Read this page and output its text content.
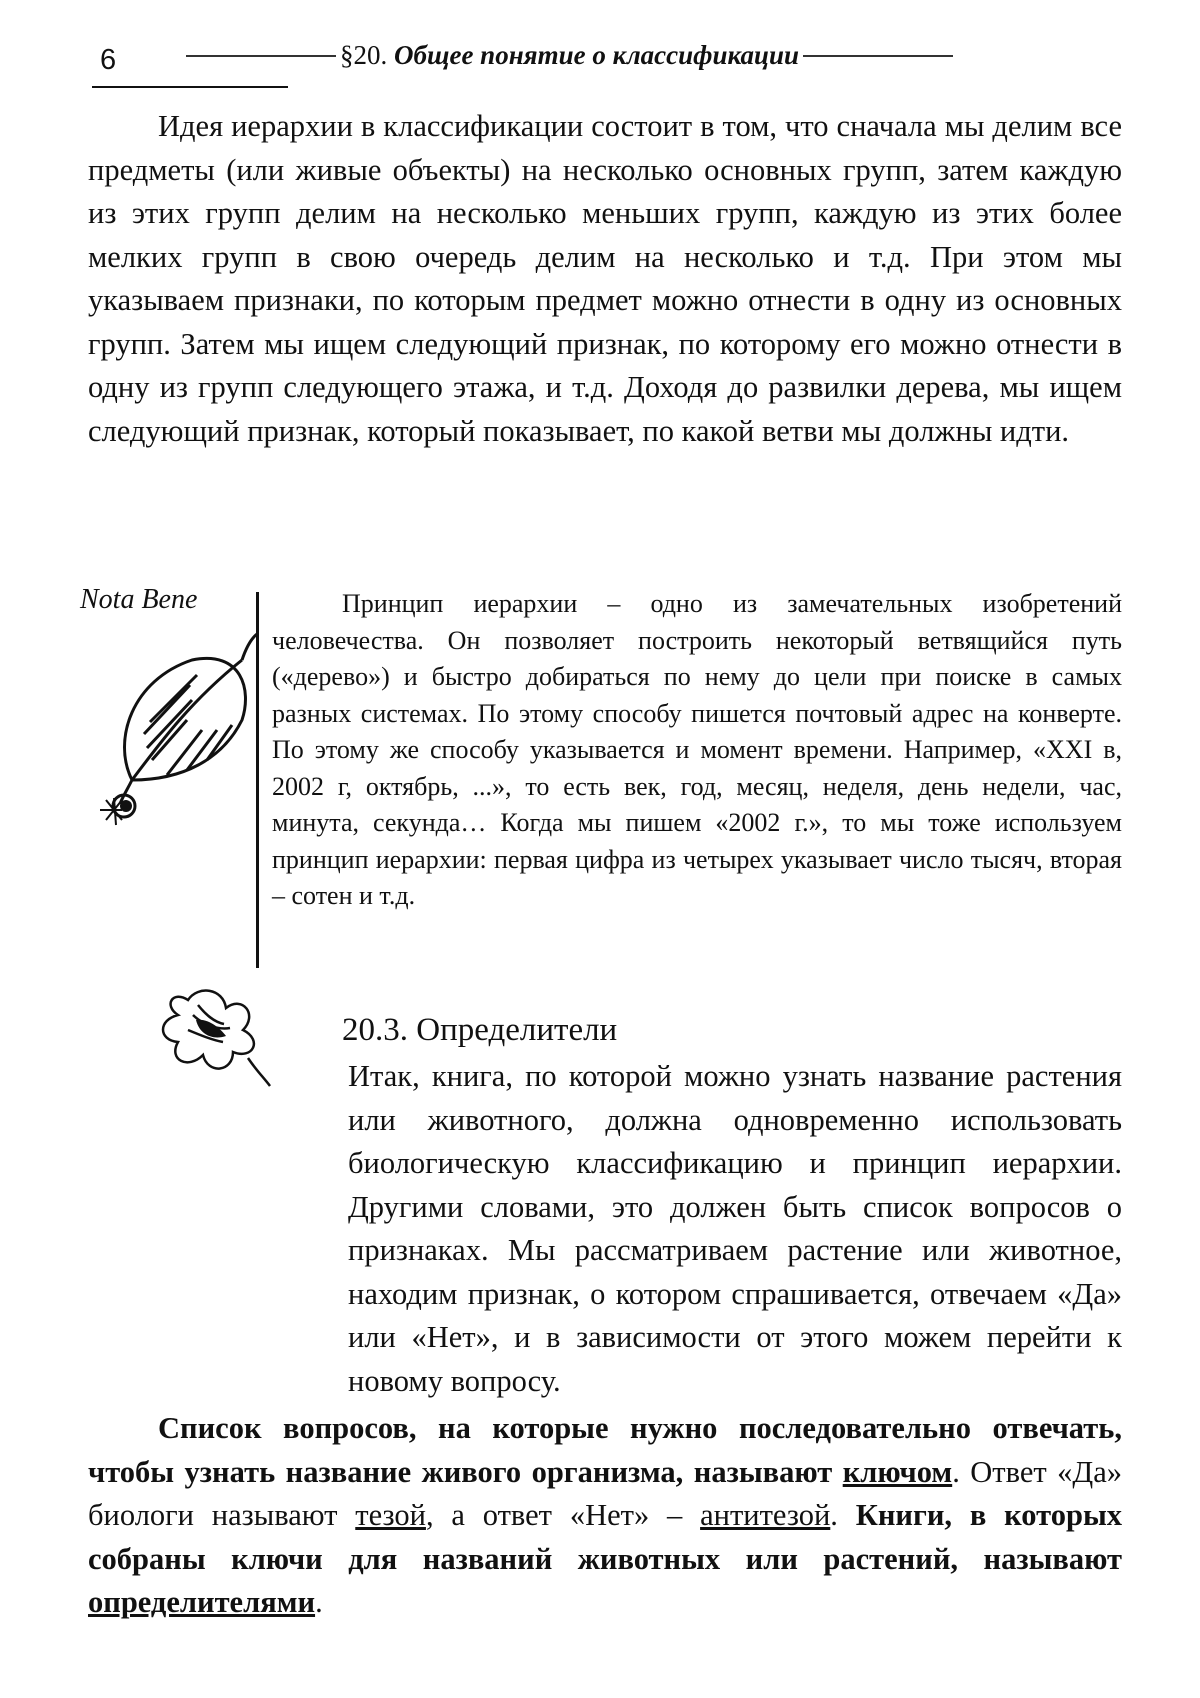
6	§20. Общее понятие о классификации

Идея иерархии в классификации состоит в том, что сначала мы делим все предметы (или живые объекты) на несколько основных групп, затем каждую из этих групп делим на несколько меньших групп, каждую из этих более мелких групп в свою очередь делим на несколько и т.д. При этом мы указываем признаки, по которым предмет можно отнести в одну из основных групп. Затем мы ищем следующий признак, по которому его можно отнести в одну из групп следующего этажа, и т.д. Доходя до развилки дерева, мы ищем следующий признак, который показывает, по какой ветви мы должны идти.

Nota Bene	Принцип иерархии – одно из замечательных изобретений человечества. Он позволяет построить некоторый ветвящийся путь («дерево») и быстро добираться по нему до цели при поиске в самых разных системах. По этому способу пишется почтовый адрес на конверте. По этому же способу указывается и момент времени. Например, «XXI в, 2002 г, октябрь, ...», то есть век, год, месяц, неделя, день недели, час, минута, секунда… Когда мы пишем «2002 г.», то мы тоже используем принцип иерархии: первая цифра из четырех указывает число тысяч, вторая – сотен и т.д.
20.3. Определители

Итак, книга, по которой можно узнать название растения или животного, должна одновременно использовать биологическую классификацию и принцип иерархии. Другими словами, это должен быть список вопросов о признаках. Мы рассматриваем растение или животное, находим признак, о котором спрашивается, отвечаем «Да» или «Нет», и в зависимости от этого можем перейти к новому вопросу.

Список вопросов, на которые нужно последовательно отвечать, чтобы узнать название живого организма, называют ключом. Ответ «Да» биологи называют тезой, а ответ «Нет» – антитезой. Книги, в которых собраны ключи для названий животных или растений, называют определителями.
